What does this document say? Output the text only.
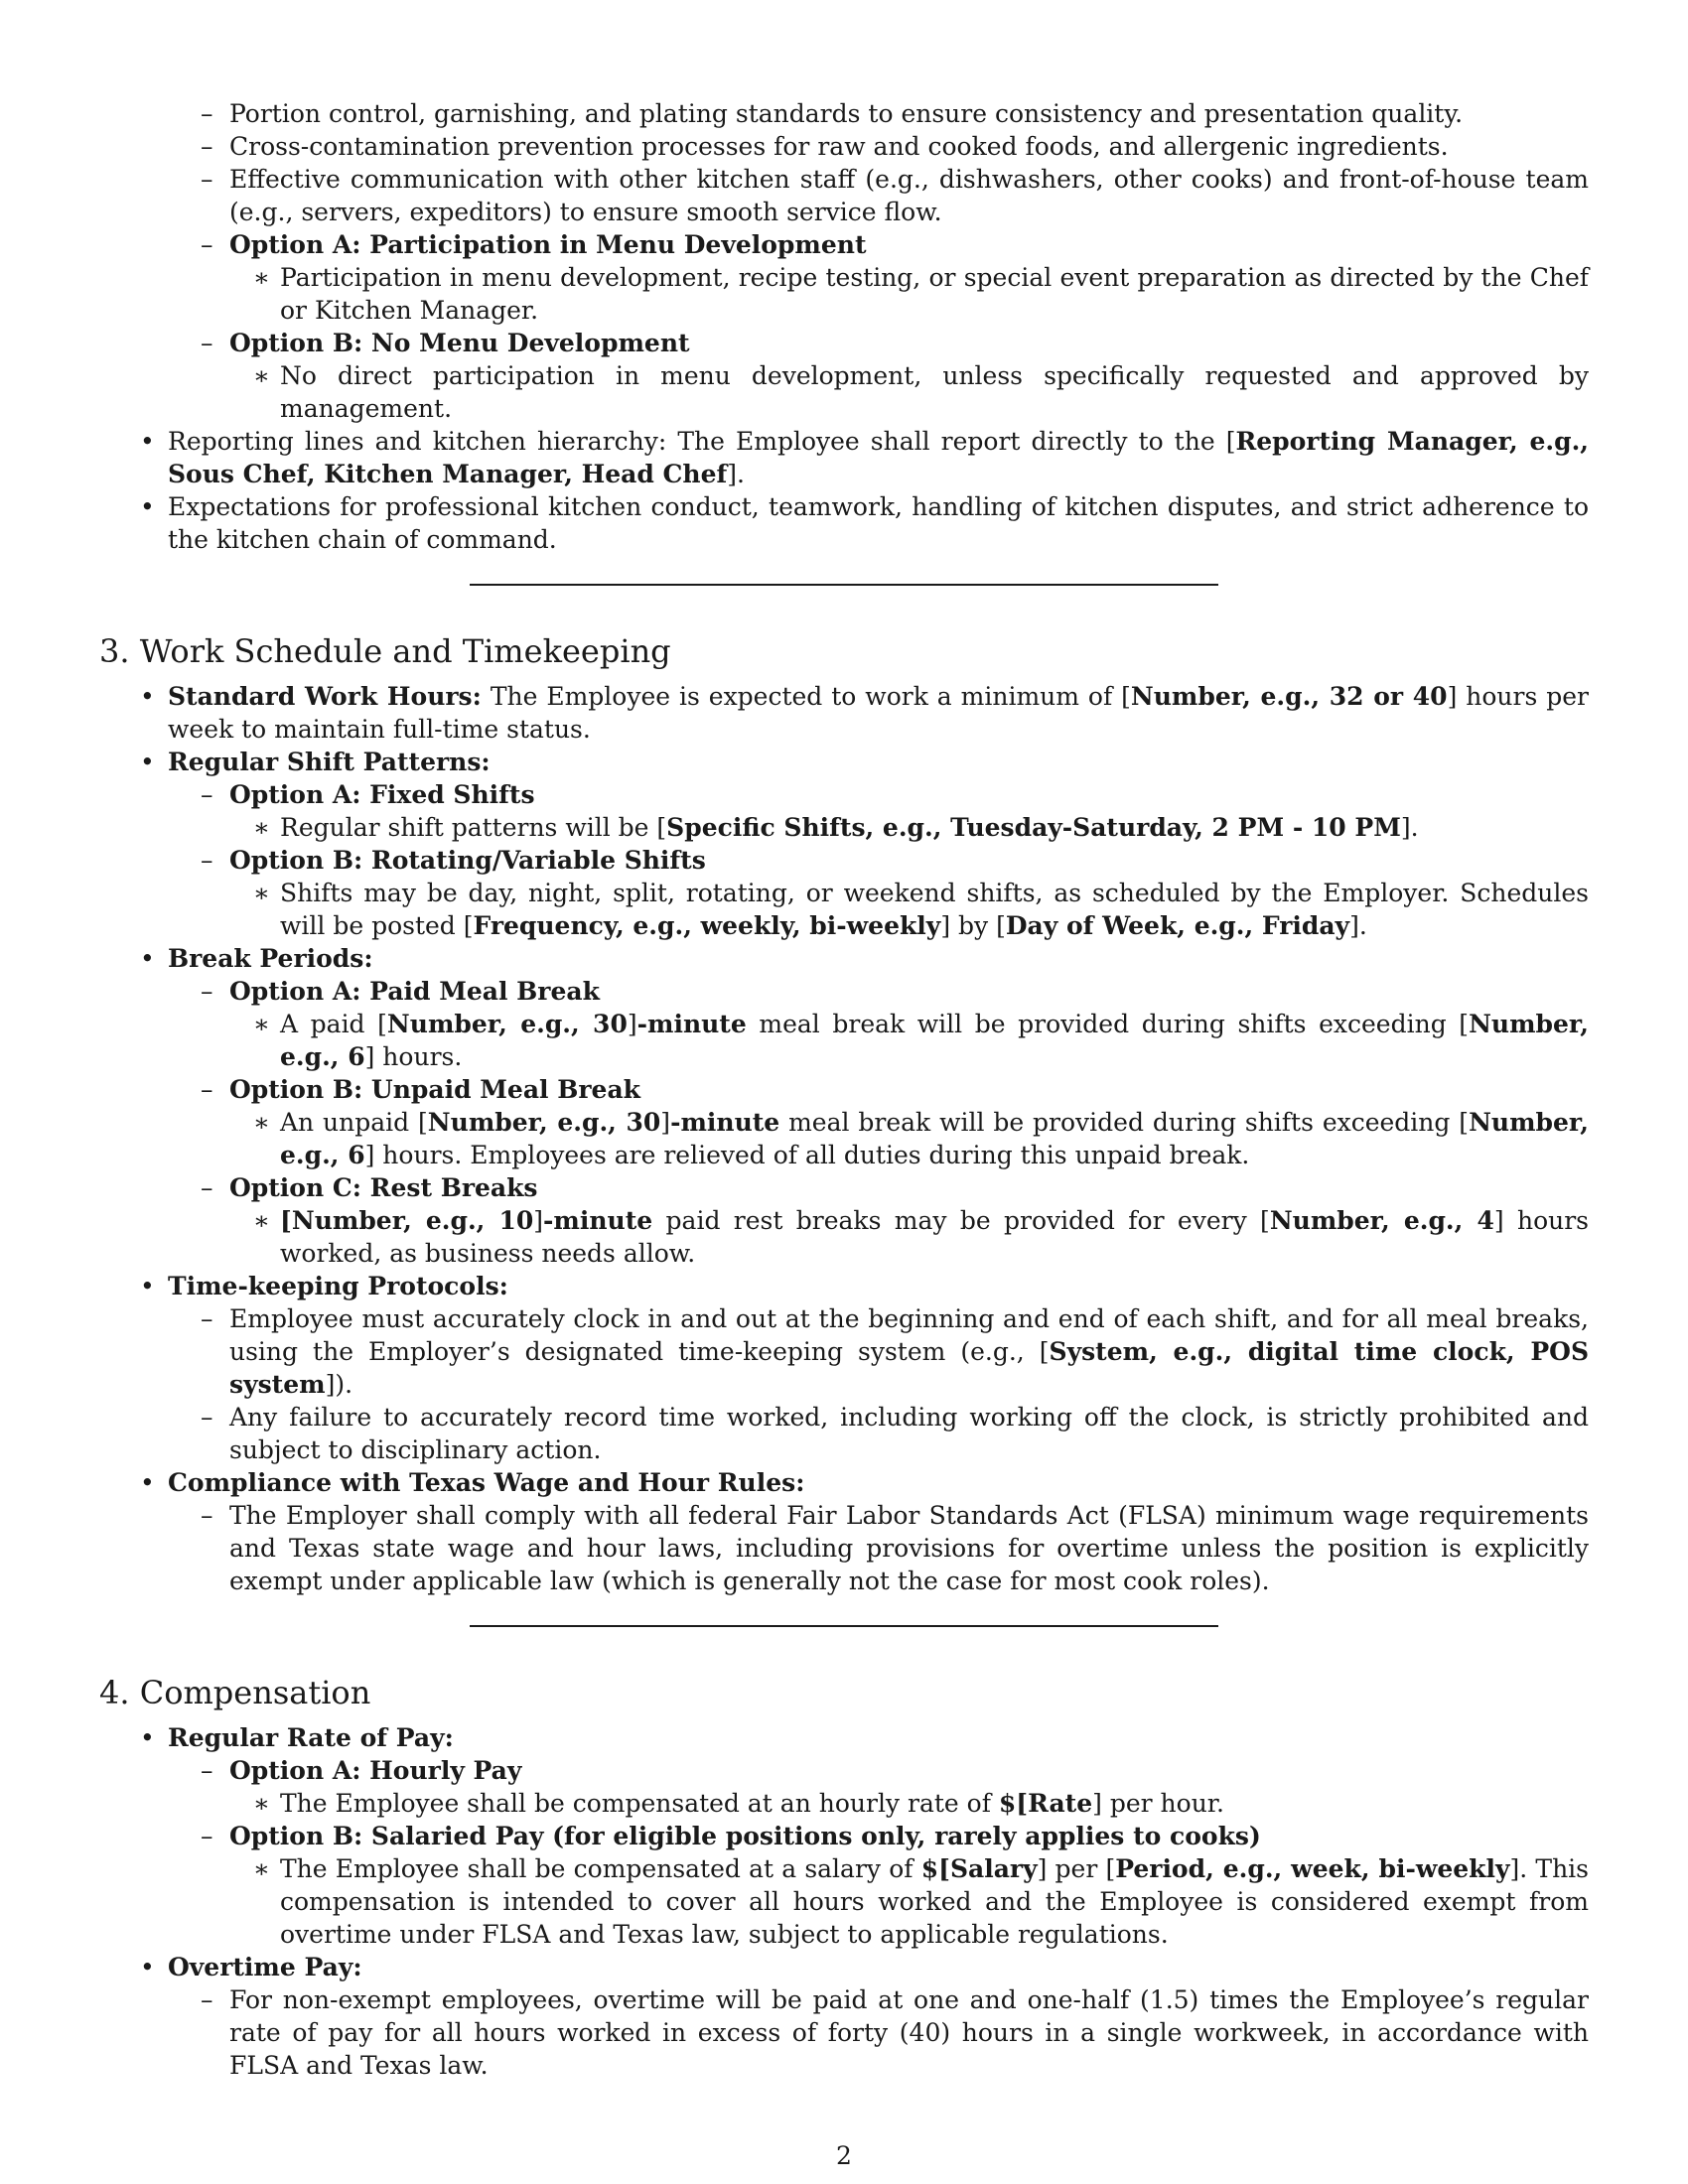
– Portion control, garnishing, and plating standards to ensure consistency and presentation quality.
– Cross-contamination prevention processes for raw and cooked foods, and allergenic ingredients.
– Effective communication with other kitchen staff (e.g., dishwashers, other cooks) and front-of-house team (e.g., servers, expeditors) to ensure smooth service flow.
– Option A: Participation in Menu Development
∗ Participation in menu development, recipe testing, or special event preparation as directed by the Chef or Kitchen Manager.
– Option B: No Menu Development
∗ No direct participation in menu development, unless specifically requested and approved by management.
• Reporting lines and kitchen hierarchy: The Employee shall report directly to the [Reporting Manager, e.g., Sous Chef, Kitchen Manager, Head Chef].
• Expectations for professional kitchen conduct, teamwork, handling of kitchen disputes, and strict adherence to the kitchen chain of command.
3. Work Schedule and Timekeeping
• Standard Work Hours: The Employee is expected to work a minimum of [Number, e.g., 32 or 40] hours per week to maintain full-time status.
• Regular Shift Patterns:
– Option A: Fixed Shifts
∗ Regular shift patterns will be [Specific Shifts, e.g., Tuesday-Saturday, 2 PM - 10 PM].
– Option B: Rotating/Variable Shifts
∗ Shifts may be day, night, split, rotating, or weekend shifts, as scheduled by the Employer. Schedules will be posted [Frequency, e.g., weekly, bi-weekly] by [Day of Week, e.g., Friday].
• Break Periods:
– Option A: Paid Meal Break
∗ A paid [Number, e.g., 30]-minute meal break will be provided during shifts exceeding [Number, e.g., 6] hours.
– Option B: Unpaid Meal Break
∗ An unpaid [Number, e.g., 30]-minute meal break will be provided during shifts exceeding [Number, e.g., 6] hours. Employees are relieved of all duties during this unpaid break.
– Option C: Rest Breaks
∗ [Number, e.g., 10]-minute paid rest breaks may be provided for every [Number, e.g., 4] hours worked, as business needs allow.
• Time-keeping Protocols:
– Employee must accurately clock in and out at the beginning and end of each shift, and for all meal breaks, using the Employer’s designated time-keeping system (e.g., [System, e.g., digital time clock, POS system]).
– Any failure to accurately record time worked, including working off the clock, is strictly prohibited and subject to disciplinary action.
• Compliance with Texas Wage and Hour Rules:
– The Employer shall comply with all federal Fair Labor Standards Act (FLSA) minimum wage requirements and Texas state wage and hour laws, including provisions for overtime unless the position is explicitly exempt under applicable law (which is generally not the case for most cook roles).
4. Compensation
• Regular Rate of Pay:
– Option A: Hourly Pay
∗ The Employee shall be compensated at an hourly rate of $[Rate] per hour.
– Option B: Salaried Pay (for eligible positions only, rarely applies to cooks)
∗ The Employee shall be compensated at a salary of $[Salary] per [Period, e.g., week, bi-weekly]. This compensation is intended to cover all hours worked and the Employee is considered exempt from overtime under FLSA and Texas law, subject to applicable regulations.
• Overtime Pay:
– For non-exempt employees, overtime will be paid at one and one-half (1.5) times the Employee’s regular rate of pay for all hours worked in excess of forty (40) hours in a single workweek, in accordance with FLSA and Texas law.
2
